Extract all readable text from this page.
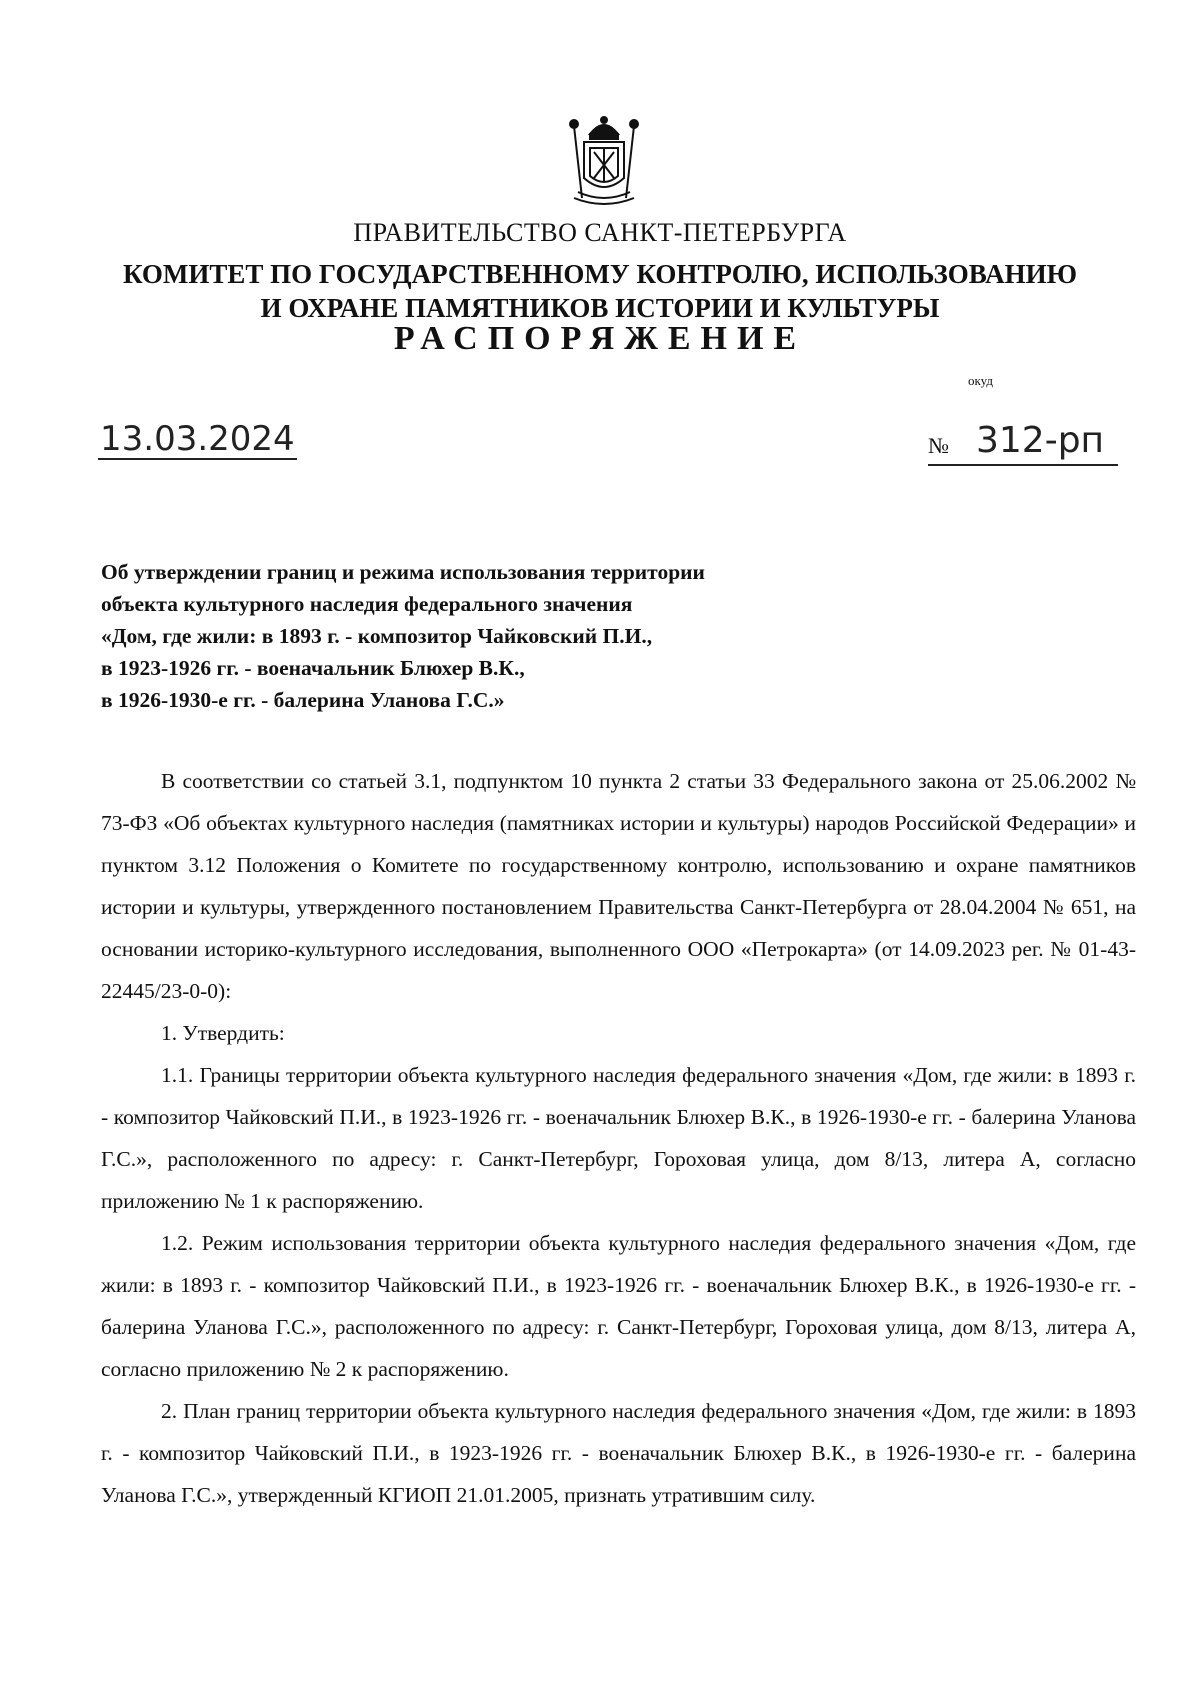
ПРАВИТЕЛЬСТВО САНКТ-ПЕТЕРБУРГА
КОМИТЕТ ПО ГОСУДАРСТВЕННОМУ КОНТРОЛЮ, ИСПОЛЬЗОВАНИЮ
И ОХРАНЕ ПАМЯТНИКОВ ИСТОРИИ И КУЛЬТУРЫ
РАСПОРЯЖЕНИЕ
окуд
13.03.2024	№ 312-рп
Об утверждении границ и режима использования территории
объекта культурного наследия федерального значения
«Дом, где жили: в 1893 г. - композитор Чайковский П.И.,
в 1923-1926 гг. - военачальник Блюхер В.К.,
в 1926-1930-е гг. - балерина Уланова Г.С.»

В соответствии со статьей 3.1, подпунктом 10 пункта 2 статьи 33 Федерального закона от 25.06.2002 № 73-ФЗ «Об объектах культурного наследия (памятниках истории и культуры) народов Российской Федерации» и пунктом 3.12 Положения о Комитете по государственному контролю, использованию и охране памятников истории и культуры, утвержденного постановлением Правительства Санкт-Петербурга от 28.04.2004 № 651, на основании историко-культурного исследования, выполненного ООО «Петрокарта» (от 14.09.2023 рег. № 01-43-22445/23-0-0):

1. Утвердить:

1.1. Границы территории объекта культурного наследия федерального значения «Дом, где жили: в 1893 г. - композитор Чайковский П.И., в 1923-1926 гг. - военачальник Блюхер В.К., в 1926-1930-е гг. - балерина Уланова Г.С.», расположенного по адресу: г. Санкт-Петербург, Гороховая улица, дом 8/13, литера А, согласно приложению № 1 к распоряжению.

1.2. Режим использования территории объекта культурного наследия федерального значения «Дом, где жили: в 1893 г. - композитор Чайковский П.И., в 1923-1926 гг. - военачальник Блюхер В.К., в 1926-1930-е гг. - балерина Уланова Г.С.», расположенного по адресу: г. Санкт-Петербург, Гороховая улица, дом 8/13, литера А, согласно приложению № 2 к распоряжению.

2. План границ территории объекта культурного наследия федерального значения «Дом, где жили: в 1893 г. - композитор Чайковский П.И., в 1923-1926 гг. - военачальник Блюхер В.К., в 1926-1930-е гг. - балерина Уланова Г.С.», утвержденный КГИОП 21.01.2005, признать утратившим силу.
